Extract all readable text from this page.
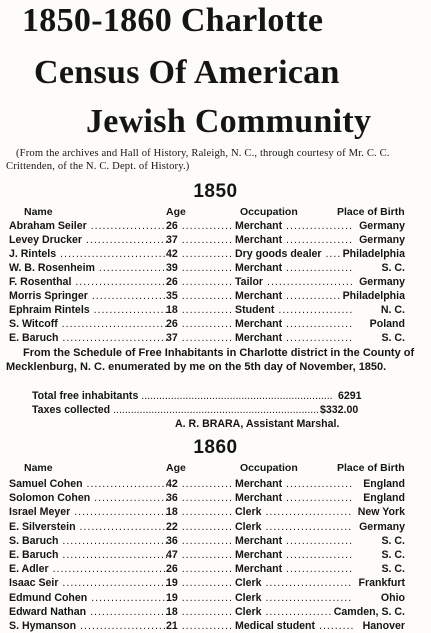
1850-1860 Charlotte
Census Of American
Jewish Community
(From the archives and Hall of History, Raleigh, N. C., through courtesy of Mr. C. C. Crittenden, of the N. C. Dept. of History.)
1850
Name	Age	Occupation	Place of Birth
Abraham Seiler .....	26 .....	Merchant .....	Germany
Levey Drucker .....	37 .....	Merchant .....	Germany
J. Rintels .....	42 .....	Dry goods dealer .....	Philadelphia
W. B. Rosenheim .....	39 .....	Merchant .....	S. C.
F. Rosenthal .....	26 .....	Tailor .....	Germany
Morris Springer .....	35 .....	Merchant .....	Philadelphia
Ephraim Rintels .....	18 .....	Student .....	N. C.
S. Witcoff .....	26 .....	Merchant .....	Poland
E. Baruch .....	37 .....	Merchant .....	S. C.
From the Schedule of Free Inhabitants in Charlotte district in the County of Mecklenburg, N. C. enumerated by me on the 5th day of November, 1850.
Total free inhabitants .....	6291
Taxes collected .....	$332.00
A. R. BRARA, Assistant Marshal.
1860
Name	Age	Occupation	Place of Birth
Samuel Cohen .....	42 .....	Merchant .....	England
Solomon Cohen .....	36 .....	Merchant .....	England
Israel Meyer .....	18 .....	Clerk .....	New York
E. Silverstein .....	22 .....	Clerk .....	Germany
S. Baruch .....	36 .....	Merchant .....	S. C.
E. Baruch .....	47 .....	Merchant .....	S. C.
E. Adler .....	26 .....	Merchant .....	S. C.
Isaac Seir .....	19 .....	Clerk .....	Frankfurt
Edmund Cohen .....	19 .....	Clerk .....	Ohio
Edward Nathan .....	18 .....	Clerk .....	Camden, S. C.
S. Hymanson .....	21 .....	Medical student .....	Hanover
